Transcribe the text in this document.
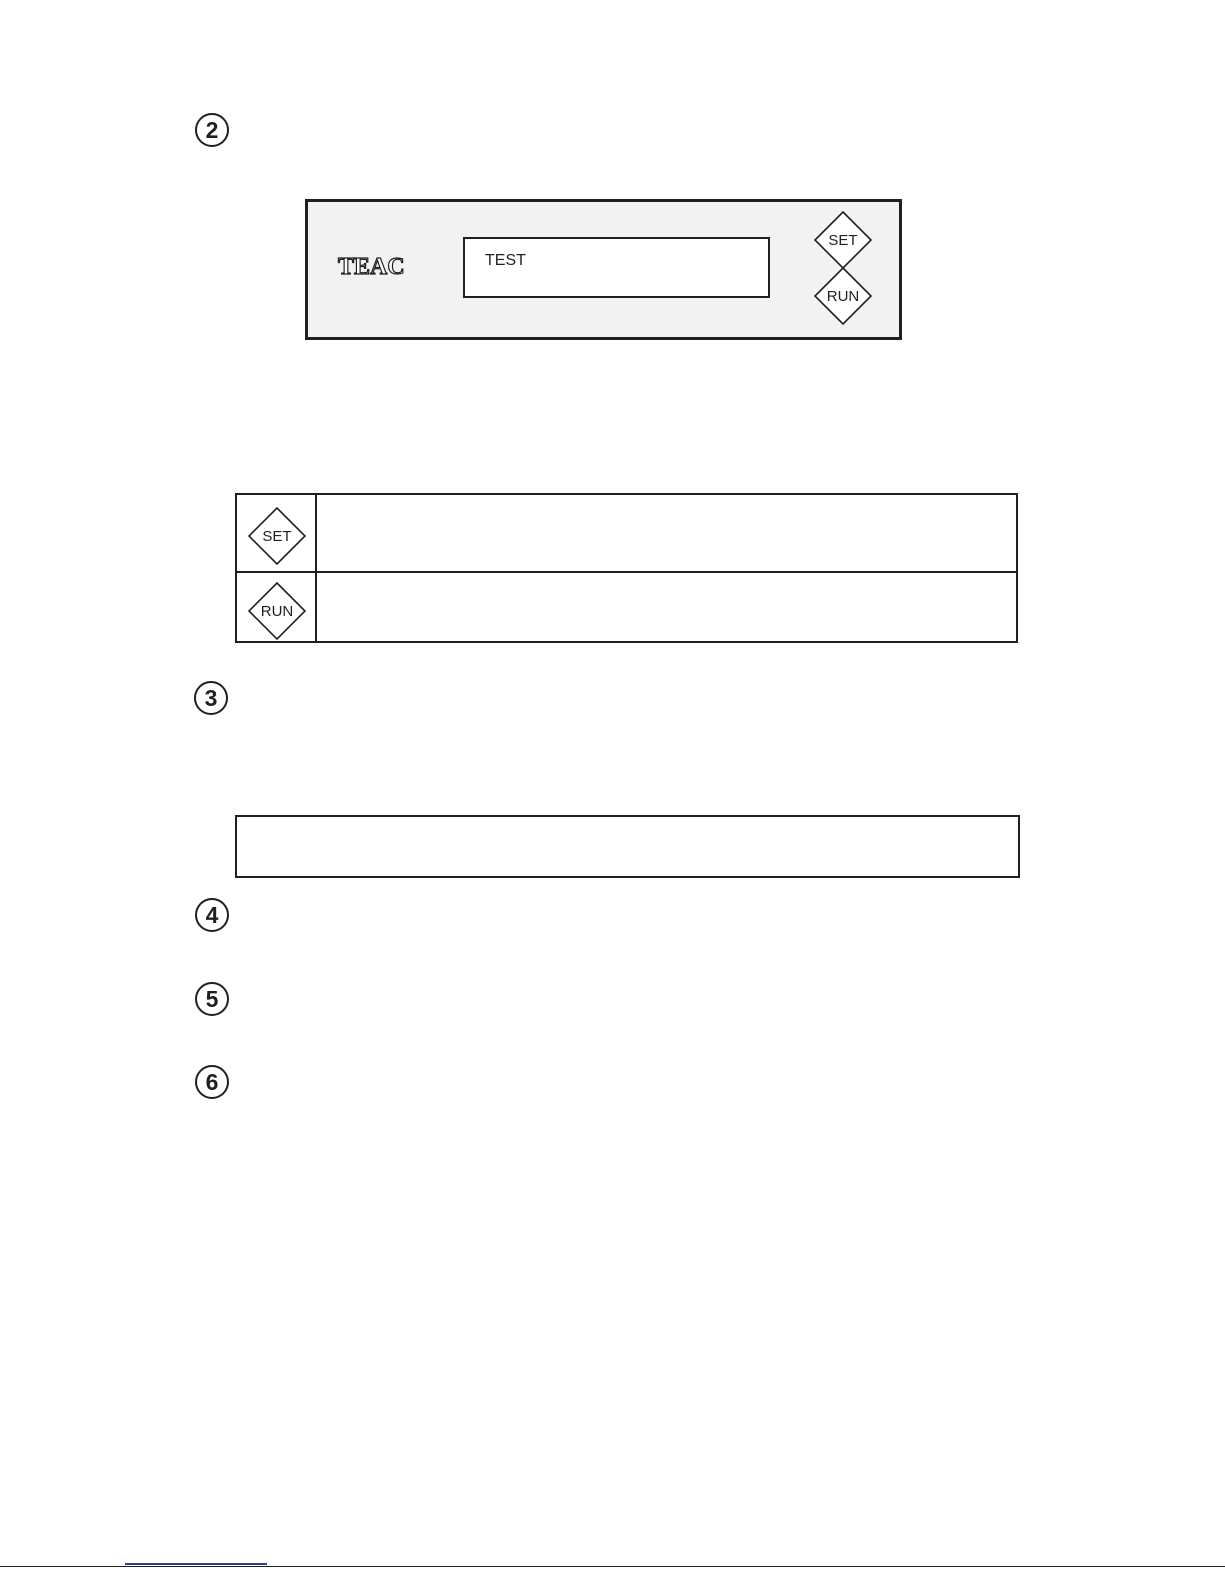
2
TEAC	TEST
SET
RUN
SET
RUN
3
4
5
6
